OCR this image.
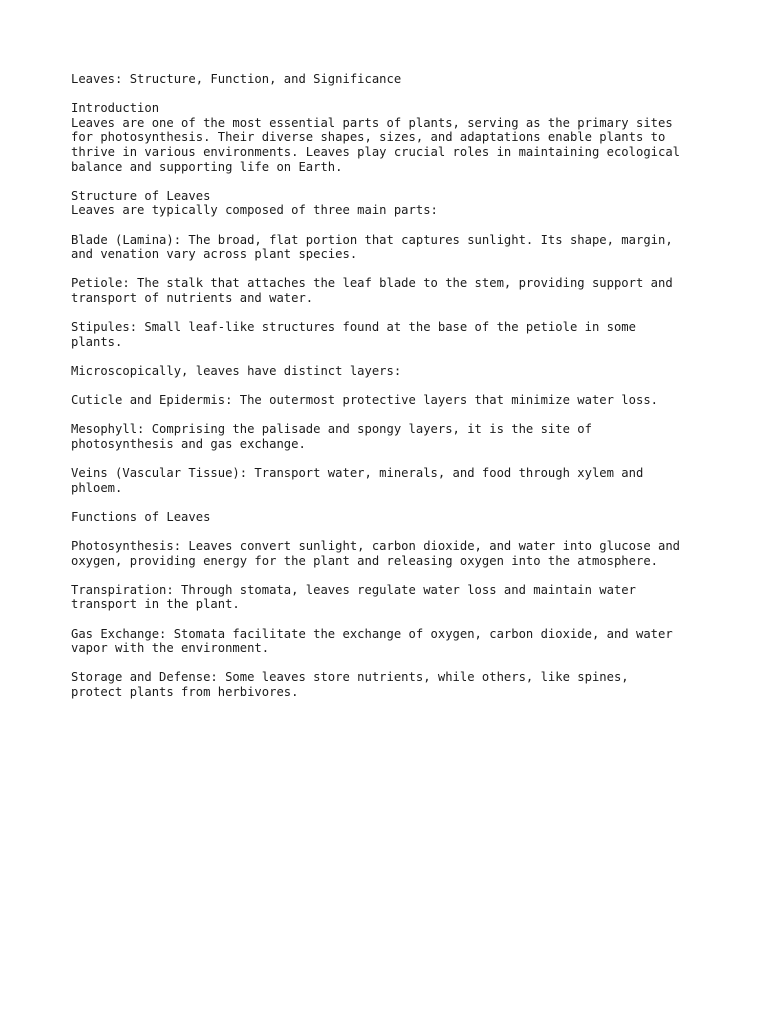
Leaves: Structure, Function, and Significance
Introduction
Leaves are one of the most essential parts of plants, serving as the primary sites
for photosynthesis. Their diverse shapes, sizes, and adaptations enable plants to
thrive in various environments. Leaves play crucial roles in maintaining ecological
balance and supporting life on Earth.
Structure of Leaves
Leaves are typically composed of three main parts:
Blade (Lamina): The broad, flat portion that captures sunlight. Its shape, margin,
and venation vary across plant species.
Petiole: The stalk that attaches the leaf blade to the stem, providing support and
transport of nutrients and water.
Stipules: Small leaf-like structures found at the base of the petiole in some
plants.
Microscopically, leaves have distinct layers:
Cuticle and Epidermis: The outermost protective layers that minimize water loss.
Mesophyll: Comprising the palisade and spongy layers, it is the site of
photosynthesis and gas exchange.
Veins (Vascular Tissue): Transport water, minerals, and food through xylem and
phloem.
Functions of Leaves
Photosynthesis: Leaves convert sunlight, carbon dioxide, and water into glucose and
oxygen, providing energy for the plant and releasing oxygen into the atmosphere.
Transpiration: Through stomata, leaves regulate water loss and maintain water
transport in the plant.
Gas Exchange: Stomata facilitate the exchange of oxygen, carbon dioxide, and water
vapor with the environment.
Storage and Defense: Some leaves store nutrients, while others, like spines,
protect plants from herbivores.
